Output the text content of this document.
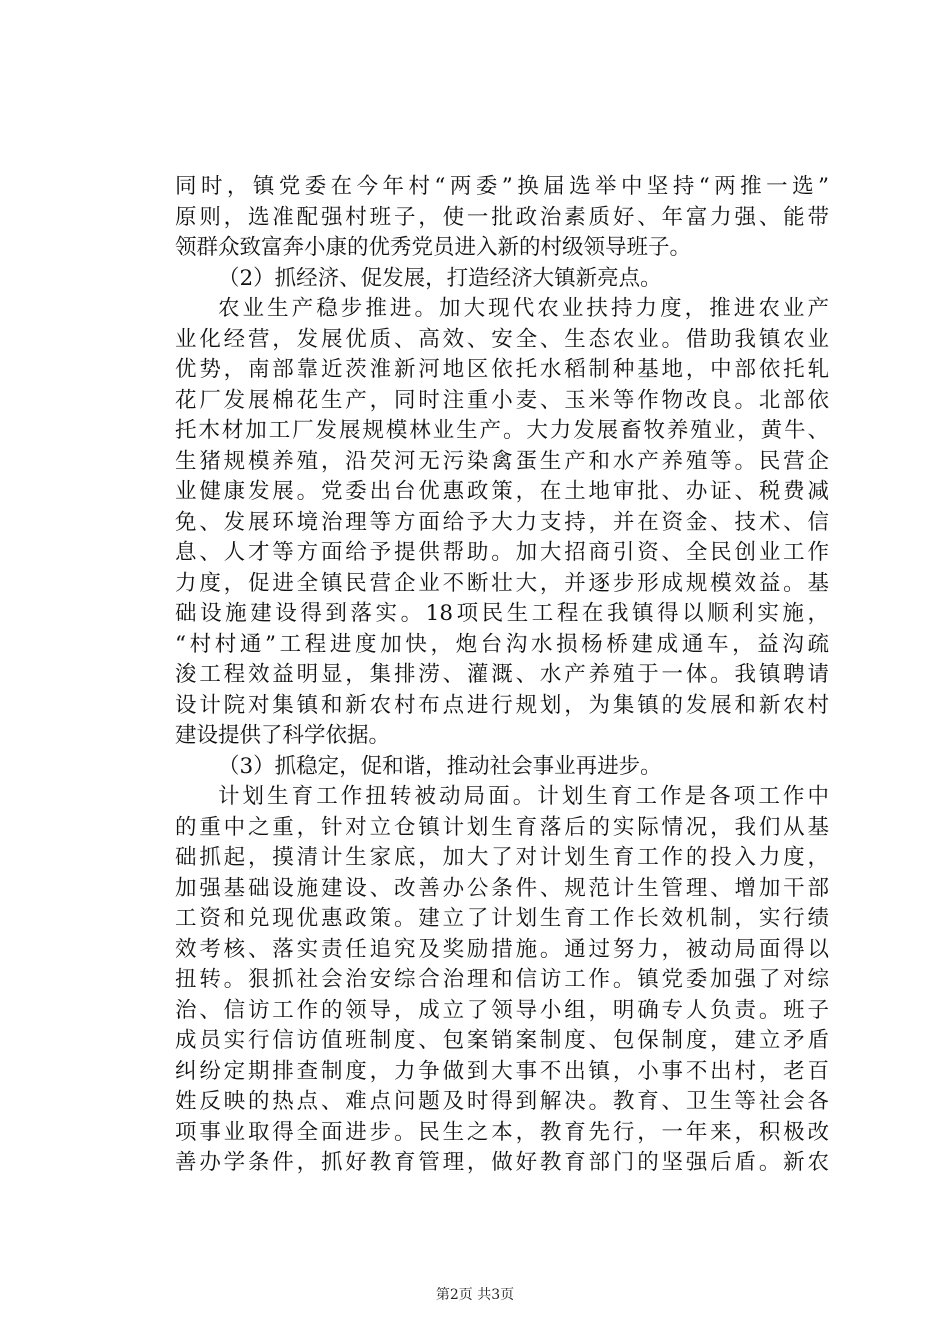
同时，镇党委在今年村“两委”换届选举中坚持“两推一选”
原则，选准配强村班子，使一批政治素质好、年富力强、能带
领群众致富奔小康的优秀党员进入新的村级领导班子。
（2）抓经济、促发展，打造经济大镇新亮点。
农业生产稳步推进。加大现代农业扶持力度，推进农业产
业化经营，发展优质、高效、安全、生态农业。借助我镇农业
优势，南部靠近茨淮新河地区依托水稻制种基地，中部依托轧
花厂发展棉花生产，同时注重小麦、玉米等作物改良。北部依
托木材加工厂发展规模林业生产。大力发展畜牧养殖业，黄牛、
生猪规模养殖，沿芡河无污染禽蛋生产和水产养殖等。民营企
业健康发展。党委出台优惠政策，在土地审批、办证、税费减
免、发展环境治理等方面给予大力支持，并在资金、技术、信
息、人才等方面给予提供帮助。加大招商引资、全民创业工作
力度，促进全镇民营企业不断壮大，并逐步形成规模效益。基
础设施建设得到落实。18项民生工程在我镇得以顺利实施，
“村村通”工程进度加快，炮台沟水损杨桥建成通车，益沟疏
浚工程效益明显，集排涝、灌溉、水产养殖于一体。我镇聘请
设计院对集镇和新农村布点进行规划，为集镇的发展和新农村
建设提供了科学依据。
（3）抓稳定，促和谐，推动社会事业再进步。
计划生育工作扭转被动局面。计划生育工作是各项工作中
的重中之重，针对立仓镇计划生育落后的实际情况，我们从基
础抓起，摸清计生家底，加大了对计划生育工作的投入力度，
加强基础设施建设、改善办公条件、规范计生管理、增加干部
工资和兑现优惠政策。建立了计划生育工作长效机制，实行绩
效考核、落实责任追究及奖励措施。通过努力，被动局面得以
扭转。狠抓社会治安综合治理和信访工作。镇党委加强了对综
治、信访工作的领导，成立了领导小组，明确专人负责。班子
成员实行信访值班制度、包案销案制度、包保制度，建立矛盾
纠纷定期排查制度，力争做到大事不出镇，小事不出村，老百
姓反映的热点、难点问题及时得到解决。教育、卫生等社会各
项事业取得全面进步。民生之本，教育先行，一年来，积极改
善办学条件，抓好教育管理，做好教育部门的坚强后盾。新农
第2页 共3页
